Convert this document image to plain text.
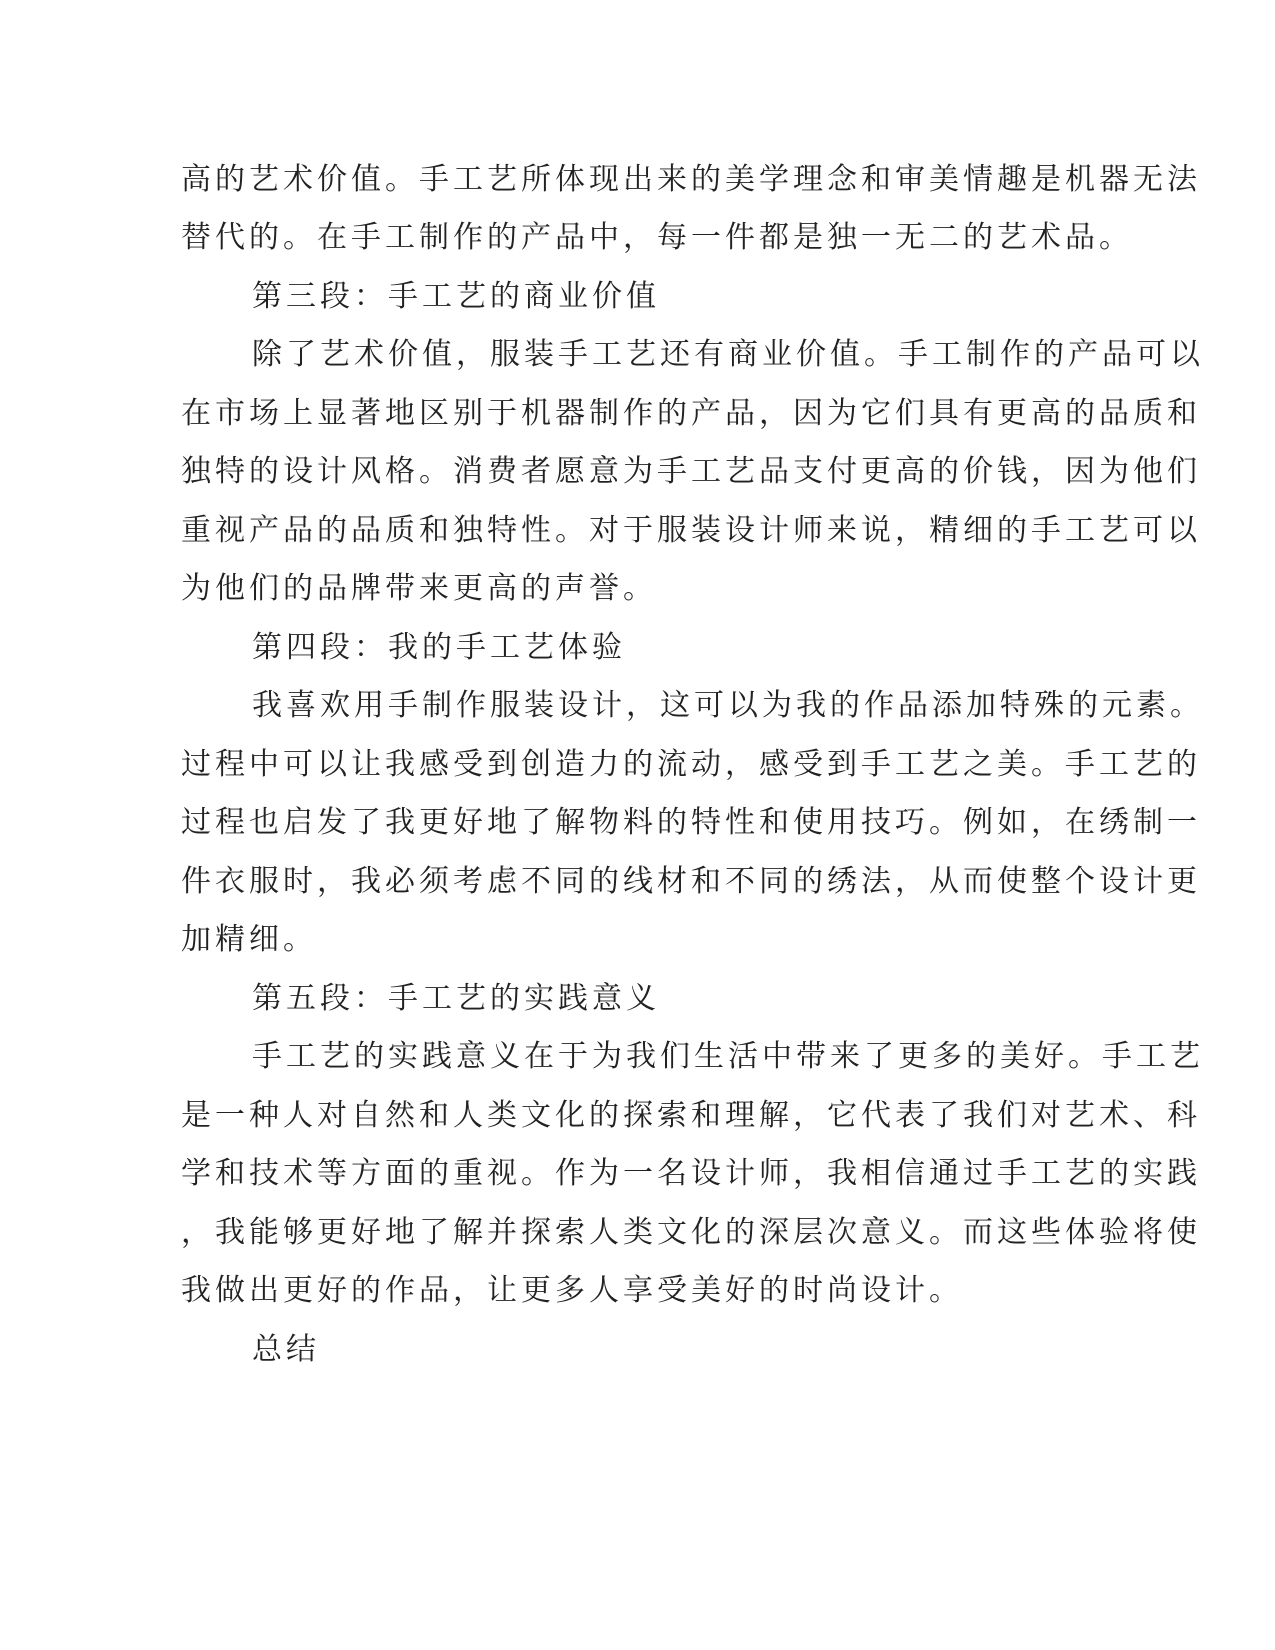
高的艺术价值。手工艺所体现出来的美学理念和审美情趣是机器无法

替代的。在手工制作的产品中，每一件都是独一无二的艺术品。

第三段：手工艺的商业价值

除了艺术价值，服装手工艺还有商业价值。手工制作的产品可以

在市场上显著地区别于机器制作的产品，因为它们具有更高的品质和

独特的设计风格。消费者愿意为手工艺品支付更高的价钱，因为他们

重视产品的品质和独特性。对于服装设计师来说，精细的手工艺可以

为他们的品牌带来更高的声誉。

第四段：我的手工艺体验

我喜欢用手制作服装设计，这可以为我的作品添加特殊的元素。

过程中可以让我感受到创造力的流动，感受到手工艺之美。手工艺的

过程也启发了我更好地了解物料的特性和使用技巧。例如，在绣制一

件衣服时，我必须考虑不同的线材和不同的绣法，从而使整个设计更

加精细。

第五段：手工艺的实践意义

手工艺的实践意义在于为我们生活中带来了更多的美好。手工艺

是一种人对自然和人类文化的探索和理解，它代表了我们对艺术、科

学和技术等方面的重视。作为一名设计师，我相信通过手工艺的实践

，我能够更好地了解并探索人类文化的深层次意义。而这些体验将使

我做出更好的作品，让更多人享受美好的时尚设计。

总结
